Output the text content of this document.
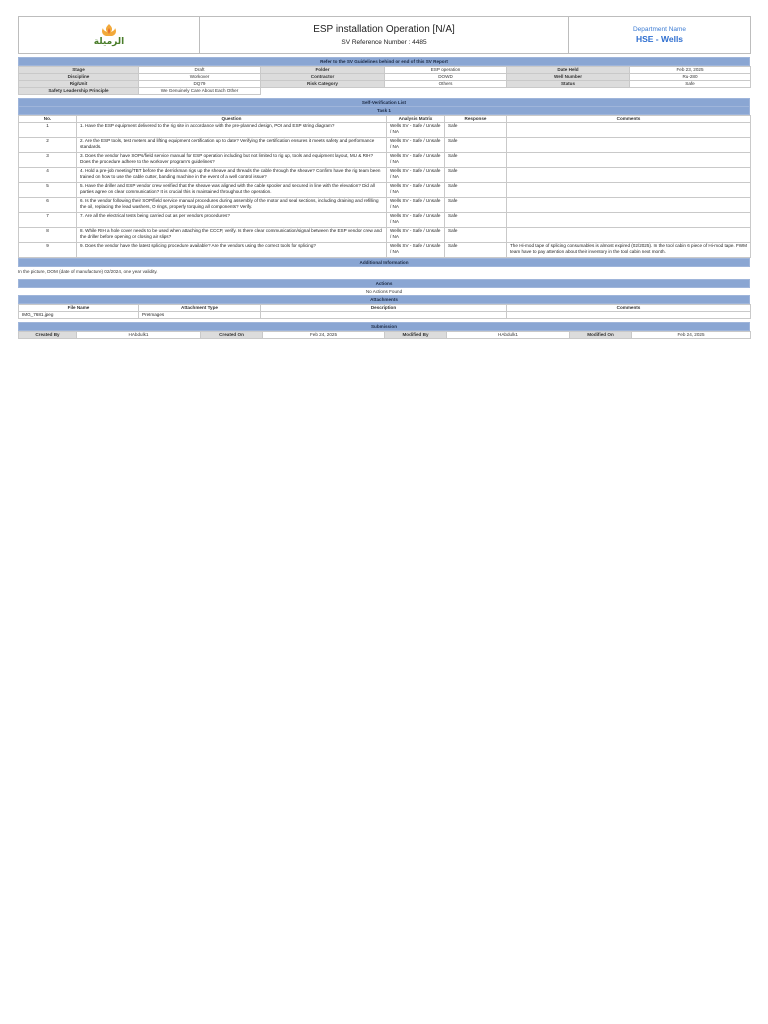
الرميلة

ESP installation Operation [N/A]
SV Reference Number : 4485

Department Name
HSE - Wells
Refer to the SV Guidelines behind or end of this SV Report
Stage	Draft	Folder	ESP operation	Date Held	Feb 23, 2025
Discipline	Workover	Contractor	DOWD	Well Number	Ru-280
Rig/Unit	DQ79	Risk Category	Others	Status	Safe
Safety Leadership Principle	We Genuinely Care About Each Other				
Self-Verification List
Task 1
No.	Question	Analysis Matrix	Response	Comments
1	1. Have the ESP equipment delivered to the rig site in accordance with the pre-planned design, POI and ESP string diagram?	Wells SV - Safe / Unsafe / NA	Safe	
2	2. Are the ESP tools, test meters and lifting equipment certification up to date? Verifying the certification ensures it meets safety and performance standards.	Wells SV - Safe / Unsafe / NA	Safe	
3	3. Does the vendor have SOPs/field service manual for ESP operation including but not limited to rig up, tools and equipment layout, MU & RIH? Does the procedure adhere to the workover program's guidelines?	Wells SV - Safe / Unsafe / NA	Safe	
4	4. Hold a pre-job meeting/TBT before the derrickman rigs up the sheave and threads the cable through the sheave? Confirm have the rig team been trained on how to use the cable cutter, banding machine in the event of a well control issue?	Wells SV - Safe / Unsafe / NA	Safe	
5	5. Have the driller and ESP vendor crew verified that the sheave was aligned with the cable spooler and secured in line with the elevation? Did all parties agree on clear communication? It is crucial this is maintained throughout the operation.	Wells SV - Safe / Unsafe / NA	Safe	
6	6. Is the vendor following their SOP/field service manual procedures during assembly of the motor and seal sections, including draining and refilling the oil, replacing the lead washers, O rings, properly torquing all components? Verify.	Wells SV - Safe / Unsafe / NA	Safe	
7	7. Are all the electrical tests being carried out as per vendors procedures?	Wells SV - Safe / Unsafe / NA	Safe	
8	8. While RIH a hole cover needs to be used when attaching the CCCP, verify. Is there clear communication/signal between the ESP vendor crew and the driller before opening or closing air slips?	Wells SV - Safe / Unsafe / NA	Safe	
9	9. Does the vendor have the latest splicing procedure available? Are the vendors using the correct tools for splicing?	Wells SV - Safe / Unsafe / NA	Safe	The Hi-mod tape of splicing consumables is almost expired (02/2025). In the tool cabin 6 piece of Hi-mod tape. FWM team have to pay attention about their inventory in the tool cabin next month.
Additional Information
In the picture, DOM (date of manufacture) 02/2024, one year validity.
Actions
No Actions Found
Attachments
File Name	Attachment Type	Description	Comments
IMG_7681.jpeg	PreImages		
Submission
Created By	HAbdulk1	Created On	Feb 24, 2025	Modified By	HAbdulk1	Modified On	Feb 24, 2025
